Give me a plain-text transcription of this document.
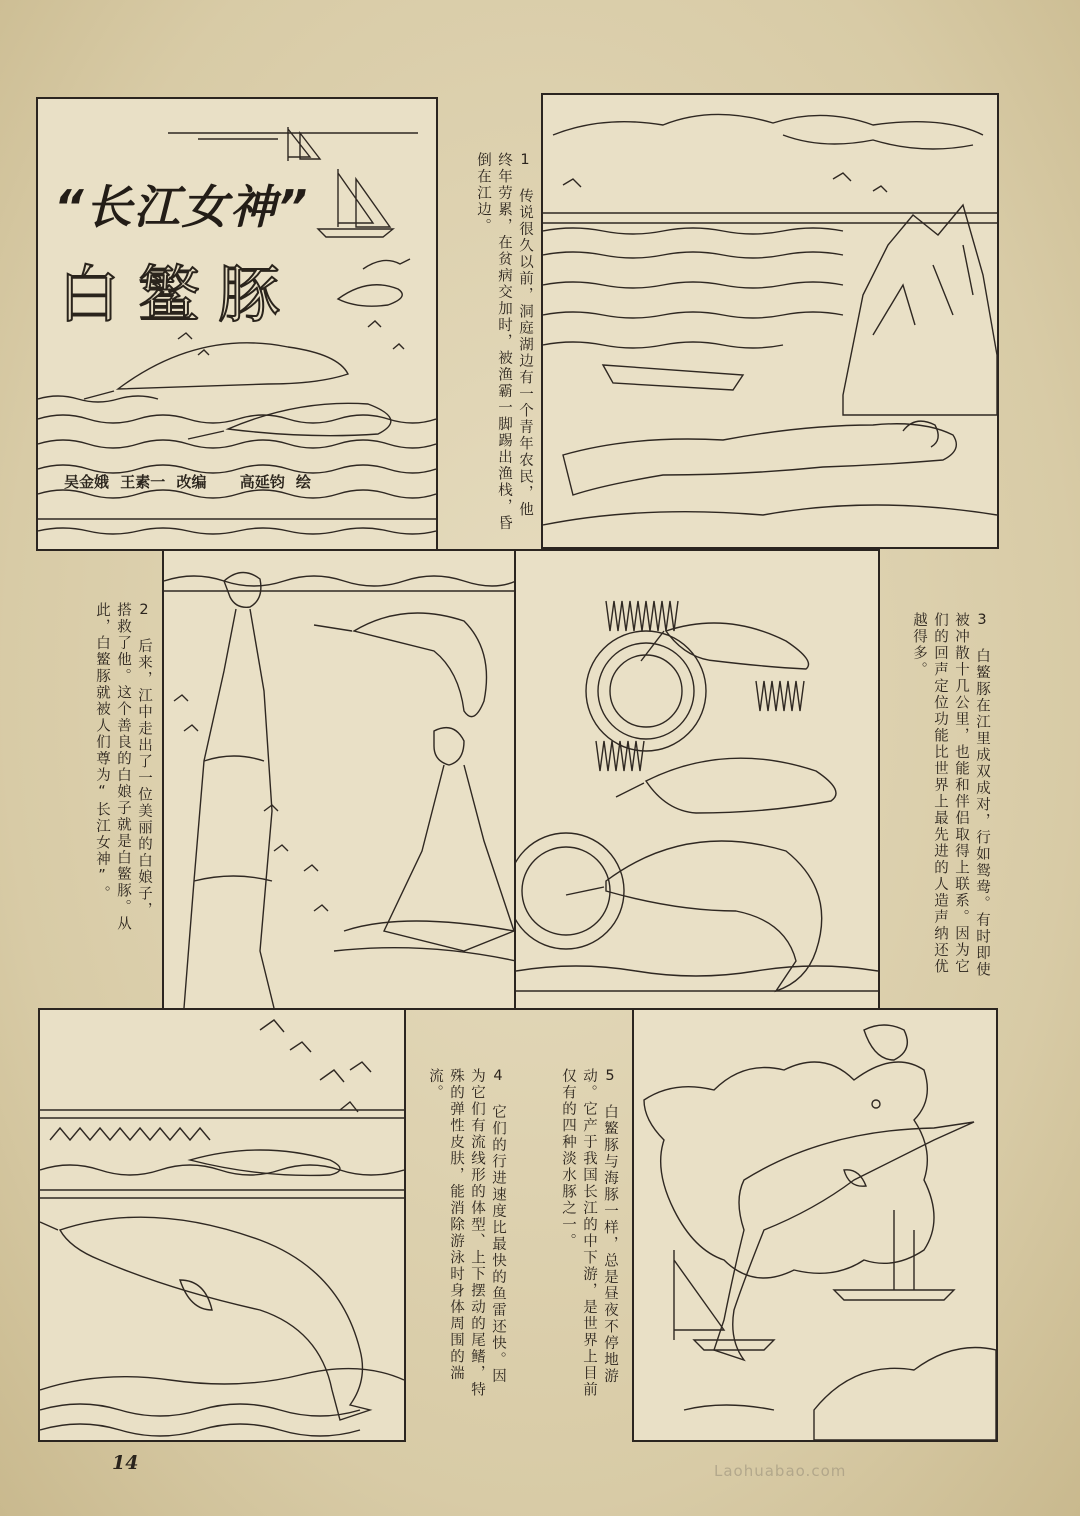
“长江女神”
白鳘豚
吴金娥 王素一 改编 高延钧 绘	1 传说很久以前，洞庭湖边有一个青年农民，他终年劳累，在贫病交加时，被渔霸一脚踢出渔栈，昏倒在江边。
2 后来，江中走出了一位美丽的白娘子，搭救了他。这个善良的白娘子就是白鳘豚。从此，白鳘豚就被人们尊为“长江女神”。	3 白鳘豚在江里成双成对，行如鸳鸯。有时即使被冲散十几公里，也能和伴侣取得上联系。因为它们的回声定位功能比世界上最先进的人造声纳还优越得多。
4 它们的行进速度比最快的鱼雷还快。因为它们有流线形的体型、上下摆动的尾鳍，特殊的弹性皮肤，能消除游泳时身体周围的湍流。	5 白鳘豚与海豚一样，总是昼夜不停地游动。它产于我国长江的中下游，是世界上目前仅有的四种淡水豚之一。
14	Laohuabao.com
